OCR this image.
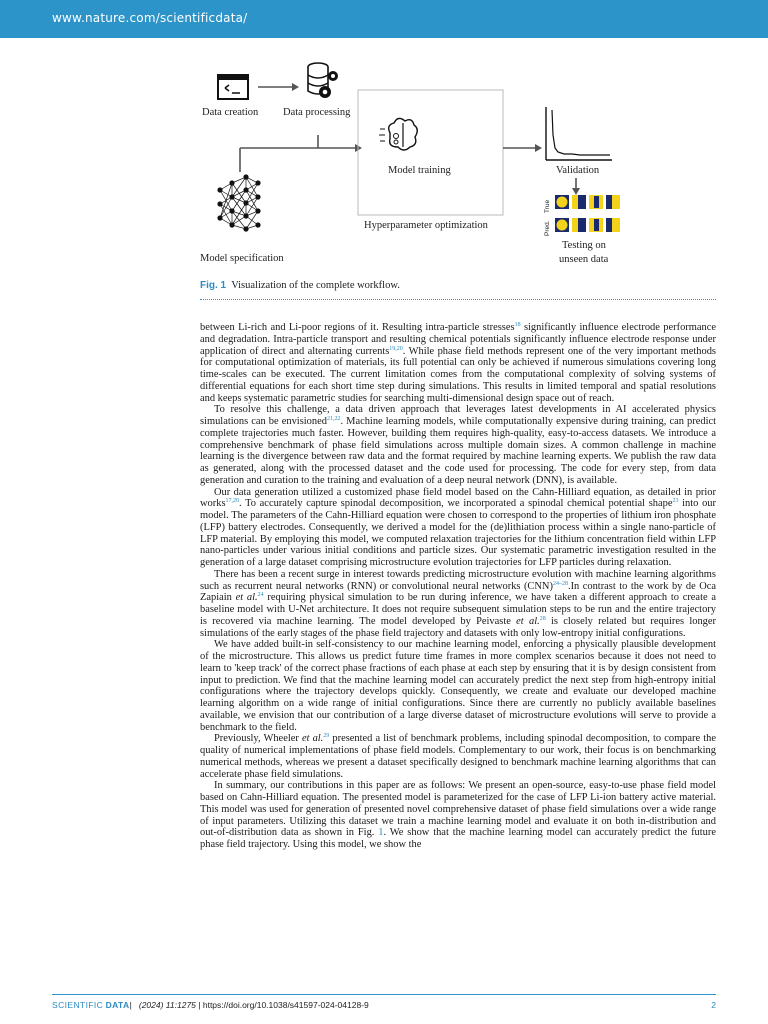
www.nature.com/scientificdata/
Data creation Data processing
Model training	Validation
Hyperparameter optimization
Testing on
unseen data
Model specification
True
Pred.
Fig. 1 Visualization of the complete workflow.

between Li-rich and Li-poor regions of it. Resulting intra-particle stresses$^{18}$ significantly influence electrode performance and degradation. Intra-particle transport and resulting chemical potentials significantly influence electrode response under application of direct and alternating currents$^{19,20}$. While phase field methods represent one of the very important methods for computational optimization of materials, its full potential can only be achieved if numerous simulations covering long time-scales can be executed. The current limitation comes from the computational complexity of solving systems of differential equations for each short time step during simulations. This results in limited temporal and spatial resolutions and keeps systematic parametric studies for searching multi-dimensional design space out of reach.

To resolve this challenge, a data driven approach that leverages latest developments in AI accelerated physics simulations can be envisioned$^{21,22}$. Machine learning models, while computationally expensive during training, can predict complete trajectories much faster. However, building them requires high-quality, easy-to-access datasets. We introduce a comprehensive benchmark of phase field simulations across multiple domain sizes. A common challenge in machine learning is the divergence between raw data and the format required by machine learning experts. We publish the raw data as generated, along with the processed dataset and the code used for processing. The code for every step, from data generation and curation to the training and evaluation of a deep neural network (DNN), is available.

Our data generation utilized a customized phase field model based on the Cahn-Hilliard equation, as detailed in prior works$^{17,20}$. To accurately capture spinodal decomposition, we incorporated a spinodal chemical potential shape$^{23}$ into our model. The parameters of the Cahn-Hilliard equation were chosen to correspond to the properties of lithium iron phosphate (LFP) battery electrodes. Consequently, we derived a model for the (de)lithiation process within a single nano-particle of LFP material. By employing this model, we computed relaxation trajectories for the lithium concentration field within LFP nano-particles under various initial conditions and particle sizes. Our systematic parametric investigation resulted in the generation of a large dataset comprising microstructure evolution trajectories for LFP particles during relaxation.

There has been a recent surge in interest towards predicting microstructure evolution with machine learning algorithms such as recurrent neural networks (RNN) or convolutional neural networks (CNN)$^{24-28}$.In contrast to the work by de Oca Zapiain et al.$^{24}$ requiring physical simulation to be run during inference, we have taken a different approach to create a baseline model with U-Net architecture. It does not require subsequent simulation steps to be run and the entire trajectory is recovered via machine learning. The model developed by Peivaste et al.$^{28}$ is closely related but requires longer simulations of the early stages of the phase field trajectory and datasets with only low-entropy initial configurations.

We have added built-in self-consistency to our machine learning model, enforcing a physically plausible development of the microstructure. This allows us predict future time frames in more complex scenarios because it does not need to learn to 'keep track' of the correct phase fractions of each phase at each step by ensuring that it is by design consistent from input to prediction. We find that the machine learning model can accurately predict the next step from high-entropy initial configurations where the trajectory develops quickly. Consequently, we create and evaluate our developed machine learning algorithm on a wide range of initial configurations. Since there are currently no publicly available baselines available, we envision that our contribution of a large diverse dataset of microstructure evolutions will serve to provide a benchmark to the field.

Previously, Wheeler et al.$^{29}$ presented a list of benchmark problems, including spinodal decomposition, to compare the quality of numerical implementations of phase field models. Complementary to our work, their focus is on benchmarking numerical methods, whereas we present a dataset specifically designed to benchmark machine learning algorithms that can accelerate phase field simulations.

In summary, our contributions in this paper are as follows: We present an open-source, easy-to-use phase field model based on Cahn-Hilliard equation. The presented model is parameterized for the case of LFP Li-ion battery active material. This model was used for generation of presented novel comprehensive dataset of phase field simulations over a wide range of input parameters. Utilizing this dataset we train a machine learning model and evaluate it on both in-distribution and out-of-distribution data as shown in Fig. 1. We show that the machine learning model can accurately predict the future phase field trajectory. Using this model, we show the

SCIENTIFIC DATA| (2024) 11:1275 | https://doi.org/10.1038/s41597-024-04128-9	2
